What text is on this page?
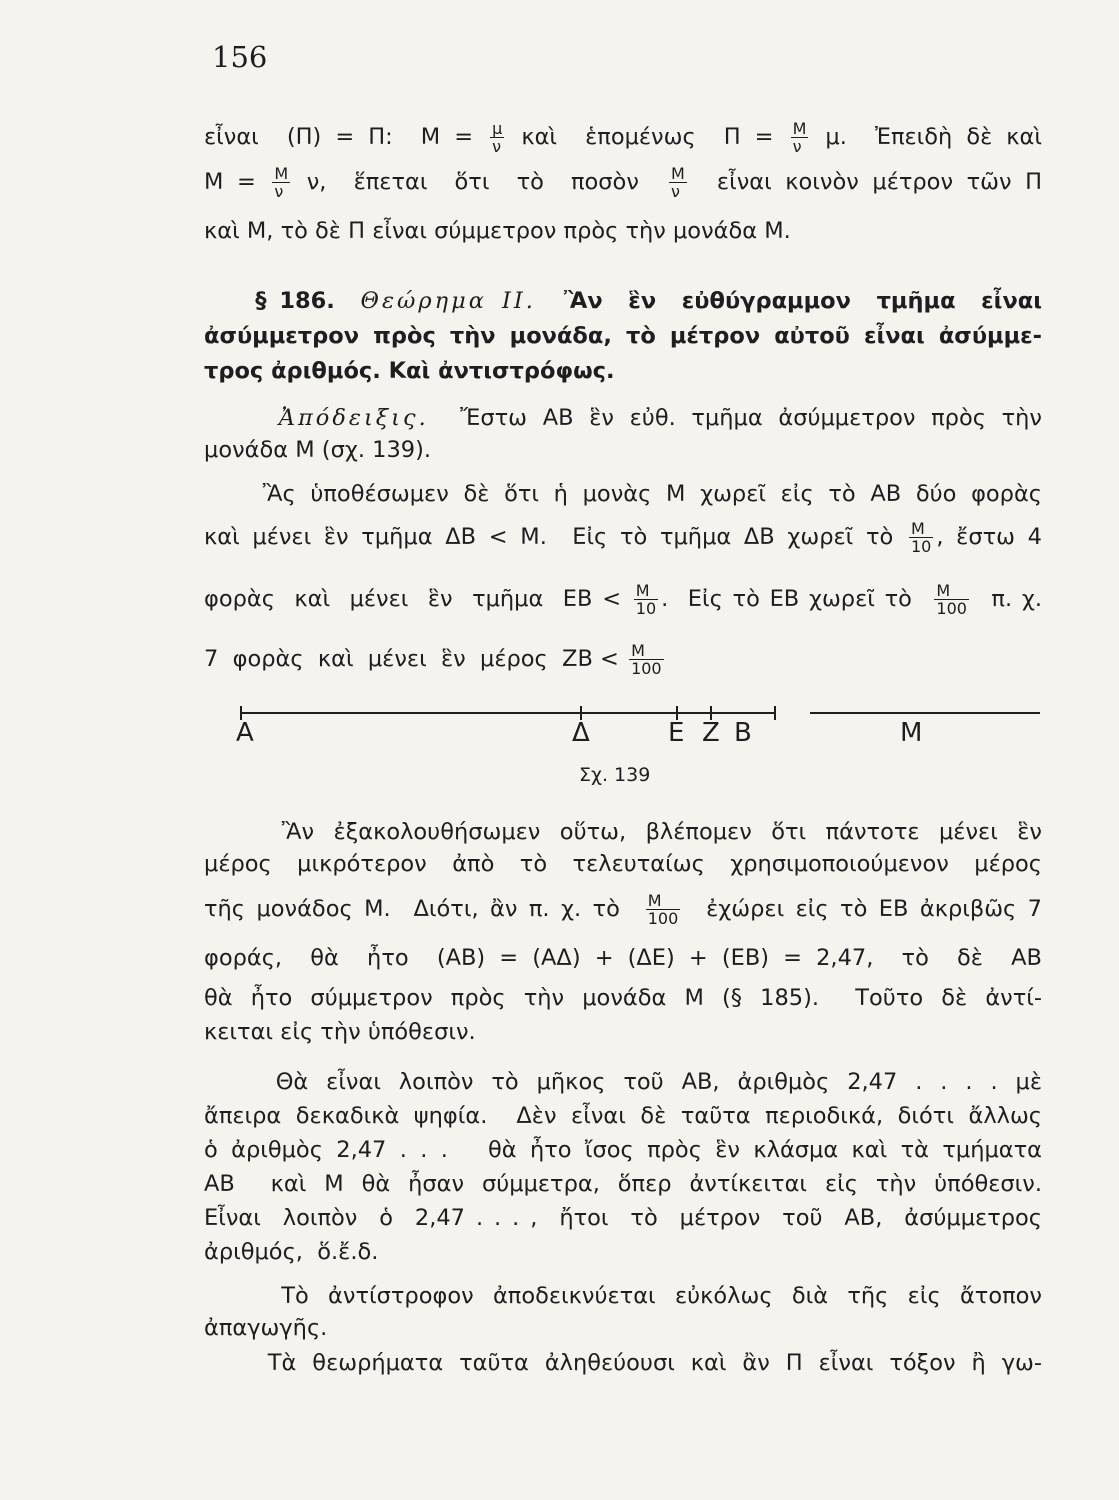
156
εἶναι  (Π) = Π:  $M = \frac{\mu}{\nu}$ καὶ  ἑπομένως  $\Pi = \frac{M}{\nu} \mu$.  Ἐπειδὴ δὲ καὶ
$M = \frac{M}{\nu} \nu$,  ἕπεται  ὅτι  τὸ  ποσὸν $\frac{M}{\nu}$ εἶναι κοινὸν μέτρον τῶν Π
καὶ Μ, τὸ δὲ Π εἶναι σύμμετρον πρὸς τὴν μονάδα Μ.
§ 186.  Θεώρημα ΙΙ.  Ἂν  ἓν  εὐθύγραμμον  τμῆμα  εἶναι
ἀσύμμετρον πρὸς τὴν μονάδα, τὸ μέτρον αὐτοῦ εἶναι ἀσύμμε-
τρος ἀριθμός. Καὶ ἀντιστρόφως.
Ἀπόδειξις.  Ἔστω ΑΒ ἓν εὐθ. τμῆμα ἀσύμμετρον πρὸς τὴν
μονάδα Μ (σχ. 139).
Ἂς ὑποθέσωμεν δὲ ὅτι ἡ μονὰς Μ χωρεῖ εἰς τὸ ΑΒ δύο φορὰς
καὶ μένει ἓν τμῆμα ΔΒ < Μ.  Εἰς τὸ τμῆμα ΔΒ χωρεῖ τὸ $\frac{M}{10}$ , ἔστω 4
φορὰς  καὶ  μένει  ἓν  τμῆμα  $EB < \frac{M}{10}$ .  Εἰς τὸ ΕΒ χωρεῖ τὸ $\frac{M}{100} \pi$. χ.
7  φορὰς  καὶ  μένει  ἓν  μέρος  $ZB < \frac{M}{100}$
Ἂν ἐξακολουθήσωμεν οὕτω, βλέπομεν ὅτι πάντοτε μένει ἓν
μέρος μικρότερον ἀπὸ τὸ τελευταίως χρησιμοποιούμενον μέρος
τῆς μονάδος Μ.  Διότι, ἂν π. χ. τὸ $\frac{M}{100}$ ἐχώρει εἰς τὸ ΕΒ ἀκριβῶς 7
φοράς,  θὰ  ἦτο  (ΑΒ) = (ΑΔ) + (ΔΕ) + (ΕΒ) = 2,47,  τὸ  δὲ  ΑΒ
θὰ ἦτο σύμμετρον πρὸς τὴν μονάδα Μ (§ 185).  Τοῦτο δὲ ἀντί-
κειται εἰς τὴν ὑπόθεσιν.
Θὰ εἶναι λοιπὸν τὸ μῆκος τοῦ ΑΒ, ἀριθμὸς 2,47 . . . . μὲ
ἄπειρα δεκαδικὰ ψηφία.  Δὲν εἶναι δὲ ταῦτα περιοδικά, διότι ἄλλως
ὁ ἀριθμὸς 2,47 . . .   θὰ ἦτο ἴσος πρὸς ἓν κλάσμα καὶ τὰ τμήματα
ΑΒ  καὶ Μ θὰ ἦσαν σύμμετρα, ὅπερ ἀντίκειται εἰς τὴν ὑπόθεσιν.
Εἶναι  λοιπὸν  ὁ  2,47 . . . ,  ἤτοι  τὸ  μέτρον  τοῦ  ΑΒ,  ἀσύμμετρος
ἀριθμός,  ὅ.ἔ.δ.
Τὸ ἀντίστροφον ἀποδεικνύεται εὐκόλως διὰ τῆς εἰς ἄτοπον
ἀπαγωγῆς.
Τὰ θεωρήματα ταῦτα ἀληθεύουσι καὶ ἂν Π εἶναι τόξον ἢ γω-
Α	Δ	Ε Ζ Β	Μ
Σχ. 139
